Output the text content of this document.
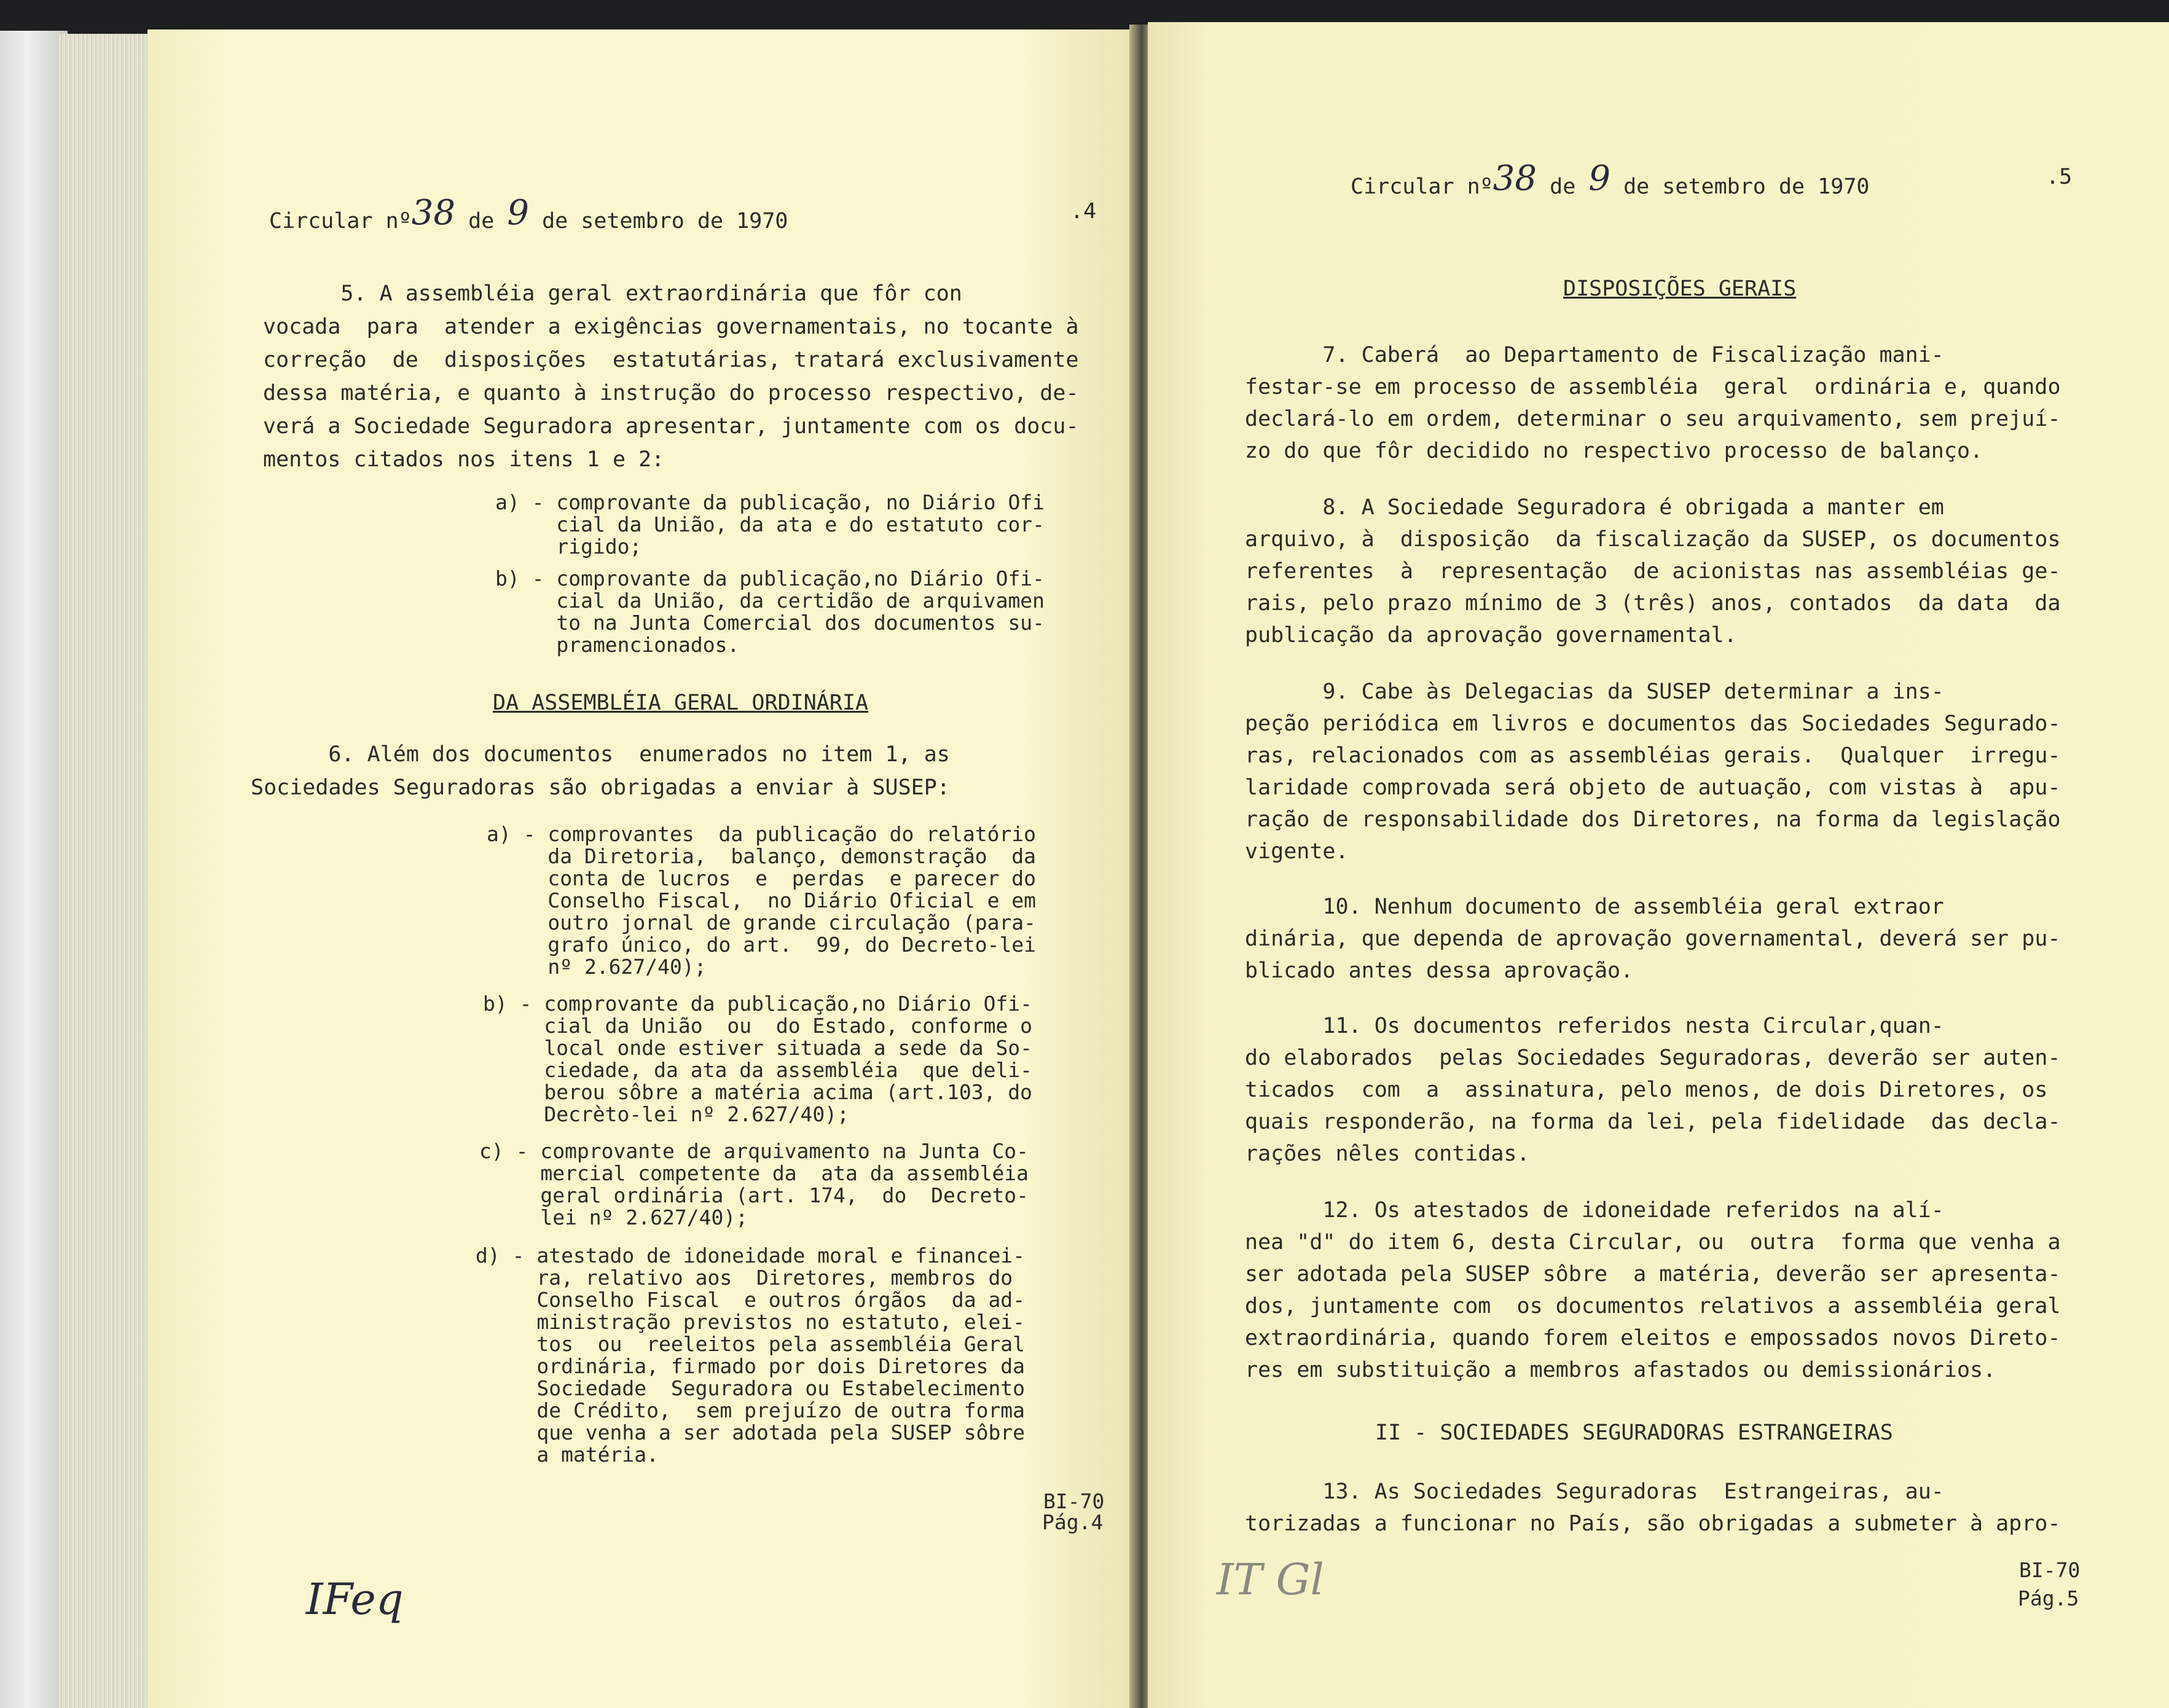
Circular nº38 de 9 de setembro de 1970	.4
5. A assembléia geral extraordinária que fôr con
vocada  para  atender a exigências governamentais, no tocante à
correção  de  disposições  estatutárias, tratará exclusivamente
dessa matéria, e quanto à instrução do processo respectivo, de-
verá a Sociedade Seguradora apresentar, juntamente com os docu-
mentos citados nos itens 1 e 2:
a) - comprovante da publicação, no Diário Ofi
cial da União, da ata e do estatuto cor-
rigido;
b) - comprovante da publicação,no Diário Ofi-
cial da União, da certidão de arquivamen
to na Junta Comercial dos documentos su-
pramencionados.
DA ASSEMBLÉIA GERAL ORDINÁRIA
6. Além dos documentos  enumerados no item 1, as
Sociedades Seguradoras são obrigadas a enviar à SUSEP:
a) - comprovantes  da publicação do relatório
da Diretoria,  balanço, demonstração  da
conta de lucros  e  perdas  e parecer do
Conselho Fiscal,  no Diário Oficial e em
outro jornal de grande circulação (para-
grafo único, do art.  99, do Decreto-lei
nº 2.627/40);
b) - comprovante da publicação,no Diário Ofi-
cial da União  ou  do Estado, conforme o
local onde estiver situada a sede da So-
ciedade, da ata da assembléia  que deli-
berou sôbre a matéria acima (art.103, do
Decrèto-lei nº 2.627/40);
c) - comprovante de arquivamento na Junta Co-
mercial competente da  ata da assembléia
geral ordinária (art. 174,  do  Decreto-
lei nº 2.627/40);
d) - atestado de idoneidade moral e financei-
ra, relativo aos  Diretores, membros do
Conselho Fiscal  e outros órgãos  da ad-
ministração previstos no estatuto, elei-
tos  ou  reeleitos pela assembléia Geral
ordinária, firmado por dois Diretores da
Sociedade  Seguradora ou Estabelecimento
de Crédito,  sem prejuízo de outra forma
que venha a ser adotada pela SUSEP sôbre
a matéria.
BI-70
Pág.4
IFeq
Circular nº38 de 9 de setembro de 1970	.5
DISPOSIÇÕES GERAIS
7. Caberá  ao Departamento de Fiscalização mani-
festar-se em processo de assembléia  geral  ordinária e, quando
declará-lo em ordem, determinar o seu arquivamento, sem prejuí-
zo do que fôr decidido no respectivo processo de balanço.
8. A Sociedade Seguradora é obrigada a manter em
arquivo, à  disposição  da fiscalização da SUSEP, os documentos
referentes  à  representação  de acionistas nas assembléias ge-
rais, pelo prazo mínimo de 3 (três) anos, contados  da data  da
publicação da aprovação governamental.
9. Cabe às Delegacias da SUSEP determinar a ins-
peção periódica em livros e documentos das Sociedades Segurado-
ras, relacionados com as assembléias gerais.  Qualquer  irregu-
laridade comprovada será objeto de autuação, com vistas à  apu-
ração de responsabilidade dos Diretores, na forma da legislação
vigente.
10. Nenhum documento de assembléia geral extraor
dinária, que dependa de aprovação governamental, deverá ser pu-
blicado antes dessa aprovação.
11. Os documentos referidos nesta Circular,quan-
do elaborados  pelas Sociedades Seguradoras, deverão ser auten-
ticados  com  a  assinatura, pelo menos, de dois Diretores, os
quais responderão, na forma da lei, pela fidelidade  das decla-
rações nêles contidas.
12. Os atestados de idoneidade referidos na alí-
nea "d" do item 6, desta Circular, ou  outra  forma que venha a
ser adotada pela SUSEP sôbre  a matéria, deverão ser apresenta-
dos, juntamente com  os documentos relativos a assembléia geral
extraordinária, quando forem eleitos e empossados novos Direto-
res em substituição a membros afastados ou demissionários.
II - SOCIEDADES SEGURADORAS ESTRANGEIRAS
13. As Sociedades Seguradoras  Estrangeiras, au-
torizadas a funcionar no País, são obrigadas a submeter à apro-
BI-70
Pág.5
IT Gl
